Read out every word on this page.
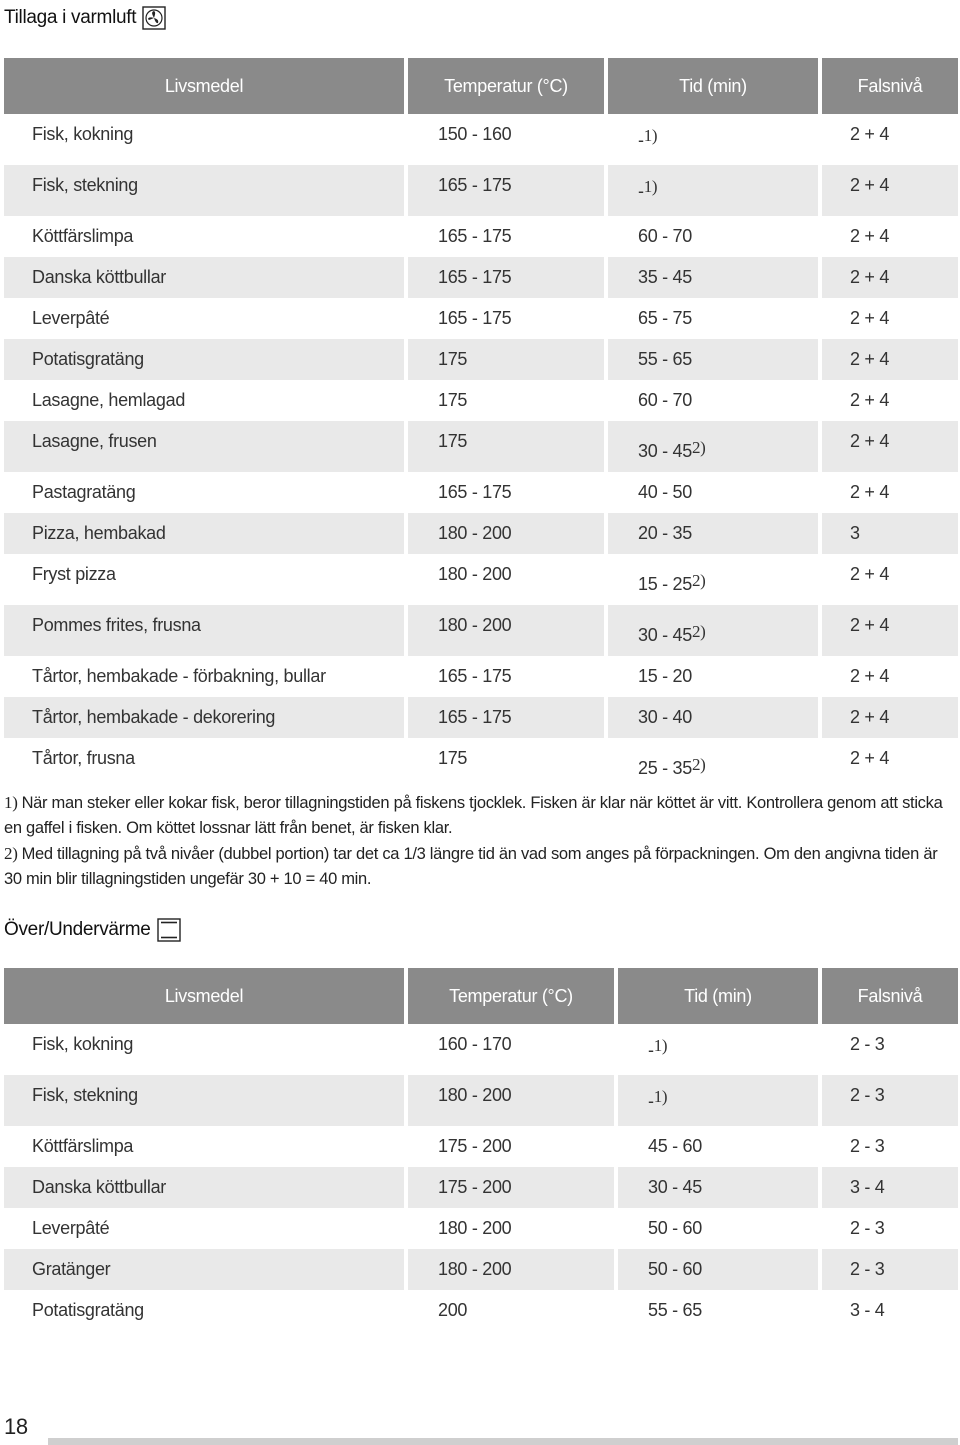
Tillaga i varmluft
Livsmedel	Temperatur (°C)	Tid (min)	Falsnivå
Fisk, kokning	150 - 160	-1)	2 + 4
Fisk, stekning	165 - 175	-1)	2 + 4
Köttfärslimpa	165 - 175	60 - 70	2 + 4
Danska köttbullar	165 - 175	35 - 45	2 + 4
Leverpâté	165 - 175	65 - 75	2 + 4
Potatisgratäng	175	55 - 65	2 + 4
Lasagne, hemlagad	175	60 - 70	2 + 4
Lasagne, frusen	175	30 - 452)	2 + 4
Pastagratäng	165 - 175	40 - 50	2 + 4
Pizza, hembakad	180 - 200	20 - 35	3
Fryst pizza	180 - 200	15 - 252)	2 + 4
Pommes frites, frusna	180 - 200	30 - 452)	2 + 4
Tårtor, hembakade - förbakning, bullar	165 - 175	15 - 20	2 + 4
Tårtor, hembakade - dekorering	165 - 175	30 - 40	2 + 4
Tårtor, frusna	175	25 - 352)	2 + 4
1) När man steker eller kokar fisk, beror tillagningstiden på fiskens tjocklek. Fisken är klar när köttet är vitt. Kontrollera genom att sticka en gaffel i fisken. Om köttet lossnar lätt från benet, är fisken klar.
2) Med tillagning på två nivåer (dubbel portion) tar det ca 1/3 längre tid än vad som anges på förpackningen. Om den angivna tiden är 30 min blir tillagningstiden ungefär 30 + 10 = 40 min.
Över/Undervärme
Livsmedel	Temperatur (°C)	Tid (min)	Falsnivå
Fisk, kokning	160 - 170	-1)	2 - 3
Fisk, stekning	180 - 200	-1)	2 - 3
Köttfärslimpa	175 - 200	45 - 60	2 - 3
Danska köttbullar	175 - 200	30 - 45	3 - 4
Leverpâté	180 - 200	50 - 60	2 - 3
Gratänger	180 - 200	50 - 60	2 - 3
Potatisgratäng	200	55 - 65	3 - 4
18
